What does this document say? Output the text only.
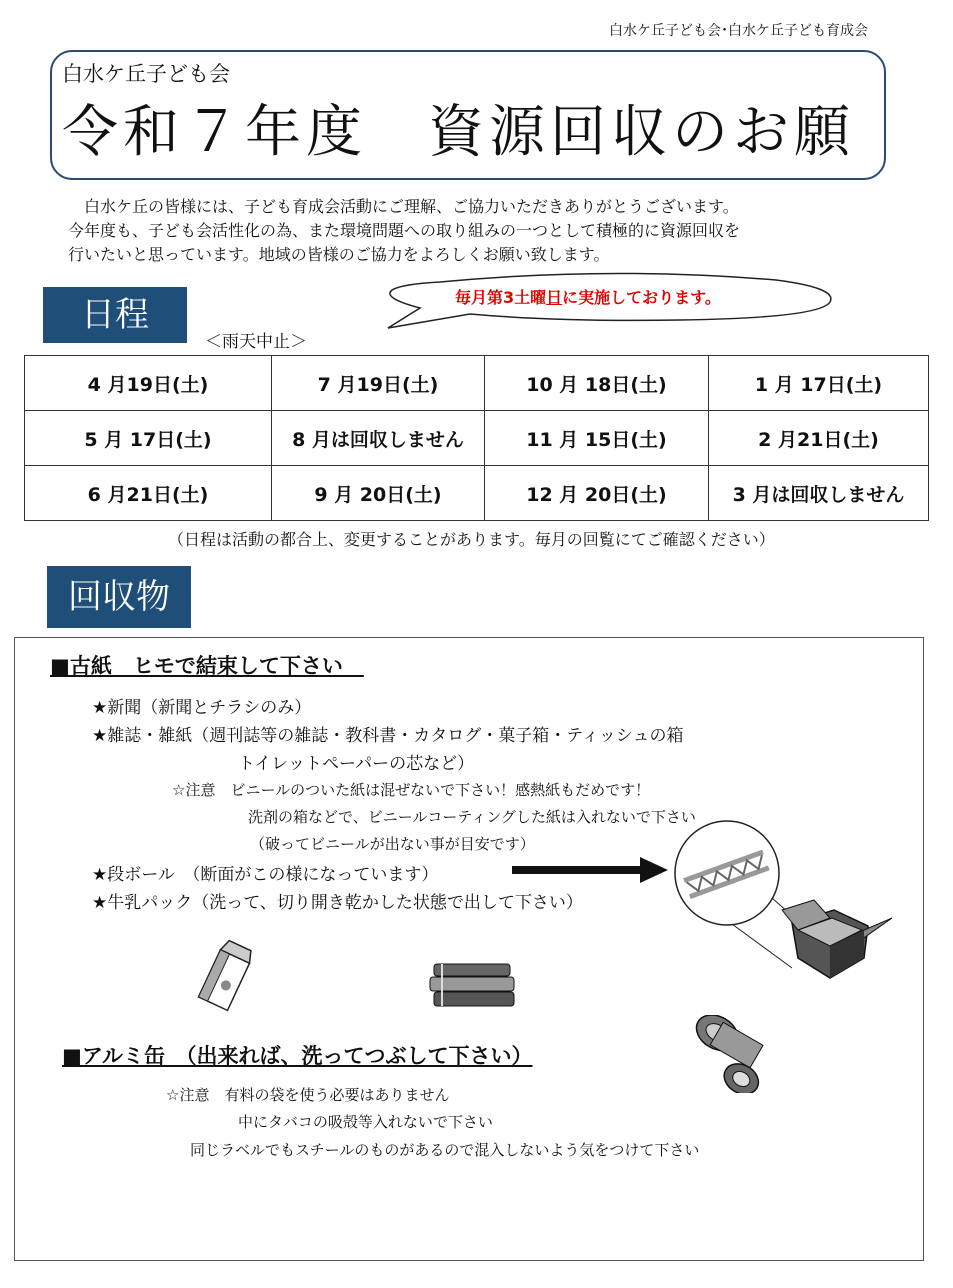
白水ケ丘子ども会･白水ケ丘子ども育成会
白水ケ丘子ども会
令和７年度　資源回収のお願

　白水ケ丘の皆様には、子ども育成会活動にご理解、ご協力いただきありがとうございます。

今年度も、子ども会活性化の為、また環境問題への取り組みの一つとして積極的に資源回収を

行いたいと思っています。地域の皆様のご協力をよろしくお願い致します。

日程	毎月第3土曜日に実施しております。
＜雨天中止＞
4 月19日(土)	7 月19日(土)	10 月 18日(土)	1 月 17日(土)
5 月 17日(土)	8 月は回収しません	11 月 15日(土)	2 月21日(土)
6 月21日(土)	9 月 20日(土)	12 月 20日(土)	3 月は回収しません
（日程は活動の都合上、変更することがあります。毎月の回覧にてご確認ください）
回収物
■古紙　ヒモで結束して下さい　
★新聞（新聞とチラシのみ）
★雑誌・雑紙（週刊誌等の雑誌・教科書・カタログ・菓子箱・ティッシュの箱
トイレットペーパーの芯など）
☆注意　ビニールのついた紙は混ぜないで下さい！感熱紙もだめです！
洗剤の箱などで、ビニールコーティングした紙は入れないで下さい
（破ってビニールが出ない事が目安です）
★段ボール　（断面がこの様になっています）
★牛乳パック（洗って、切り開き乾かした状態で出して下さい）
■アルミ缶　（出来れば、洗ってつぶして下さい）
☆注意　有料の袋を使う必要はありません
中にタバコの吸殻等入れないで下さい
同じラベルでもスチールのものがあるので混入しないよう気をつけて下さい
